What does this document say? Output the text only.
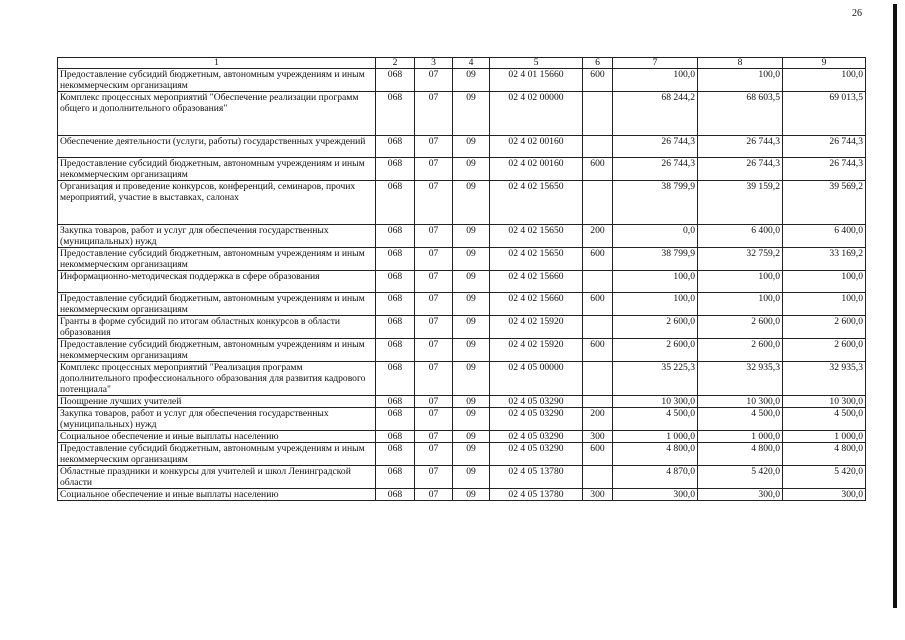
26
1	2	3	4	5	6	7	8	9
Предоставление субсидий бюджетным, автономным учреждениям и иным некоммерческим организациям	068	07	09	02 4 01 15660	600	100,0	100,0	100,0
Комплекс процессных мероприятий "Обеспечение реализации программ общего и дополнительного образования"	068	07	09	02 4 02 00000		68 244,2	68 603,5	69 013,5
Обеспечение деятельности (услуги, работы) государственных учреждений	068	07	09	02 4 02 00160		26 744,3	26 744,3	26 744,3
Предоставление субсидий бюджетным, автономным учреждениям и иным некоммерческим организациям	068	07	09	02 4 02 00160	600	26 744,3	26 744,3	26 744,3
Организация и проведение конкурсов, конференций, семинаров, прочих мероприятий, участие в выставках, салонах	068	07	09	02 4 02 15650		38 799,9	39 159,2	39 569,2
Закупка товаров, работ и услуг для обеспечения государственных (муниципальных) нужд	068	07	09	02 4 02 15650	200	0,0	6 400,0	6 400,0
Предоставление субсидий бюджетным, автономным учреждениям и иным некоммерческим организациям	068	07	09	02 4 02 15650	600	38 799,9	32 759,2	33 169,2
Информационно-методическая поддержка в сфере образования	068	07	09	02 4 02 15660		100,0	100,0	100,0
Предоставление субсидий бюджетным, автономным учреждениям и иным некоммерческим организациям	068	07	09	02 4 02 15660	600	100,0	100,0	100,0
Гранты в форме субсидий по итогам областных конкурсов в области образования	068	07	09	02 4 02 15920		2 600,0	2 600,0	2 600,0
Предоставление субсидий бюджетным, автономным учреждениям и иным некоммерческим организациям	068	07	09	02 4 02 15920	600	2 600,0	2 600,0	2 600,0
Комплекс процессных мероприятий "Реализация программ дополнительного профессионального образования для развития кадрового потенциала"	068	07	09	02 4 05 00000		35 225,3	32 935,3	32 935,3
Поощрение лучших учителей	068	07	09	02 4 05 03290		10 300,0	10 300,0	10 300,0
Закупка товаров, работ и услуг для обеспечения государственных (муниципальных) нужд	068	07	09	02 4 05 03290	200	4 500,0	4 500,0	4 500,0
Социальное обеспечение и иные выплаты населению	068	07	09	02 4 05 03290	300	1 000,0	1 000,0	1 000,0
Предоставление субсидий бюджетным, автономным учреждениям и иным некоммерческим организациям	068	07	09	02 4 05 03290	600	4 800,0	4 800,0	4 800,0
Областные праздники и конкурсы для учителей и школ Ленинградской области	068	07	09	02 4 05 13780		4 870,0	5 420,0	5 420,0
Социальное обеспечение и иные выплаты населению	068	07	09	02 4 05 13780	300	300,0	300,0	300,0
